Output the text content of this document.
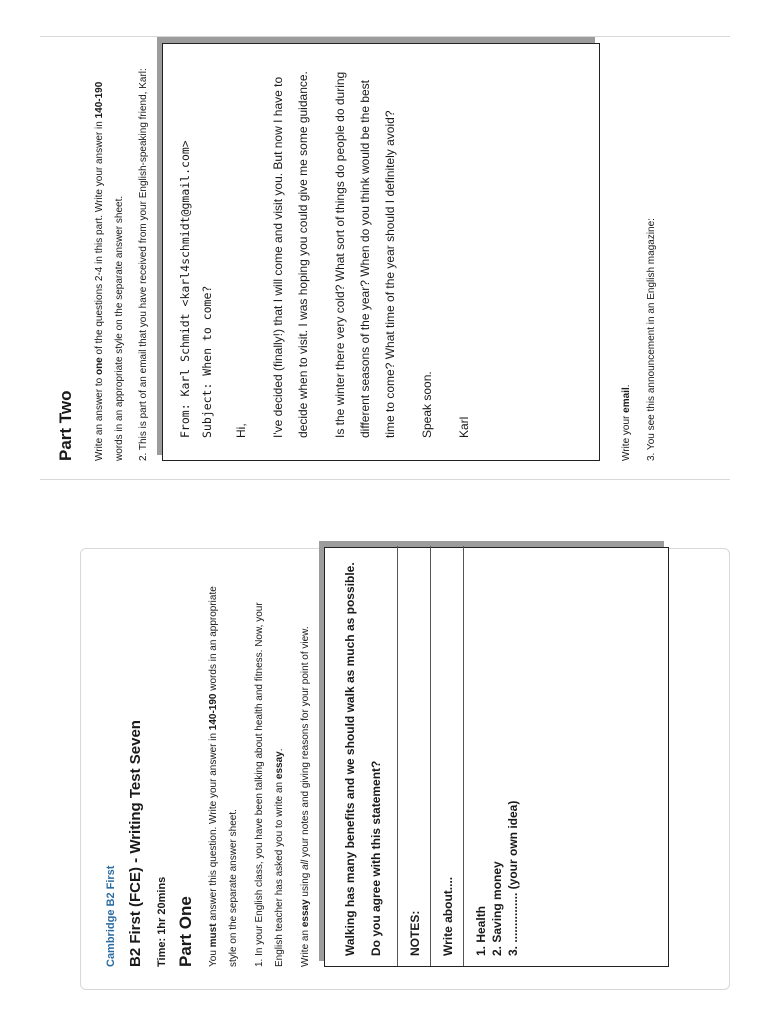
Cambridge B2 First B2 First (FCE) - Writing Test Seven Time: 1hr 20mins Part One	You must answer this question. Write your answer in 140-190 words in an appropriate style on the separate answer sheet.	1. In your English class, you have been talking about health and fitness. Now, your English teacher has asked you to write an essay.

Write an essay using all your notes and giving reasons for your point of view.	Walking has many benefits and we should walk as much as possible. Do you agree with this statement?	NOTES: Write about.... 1. Health 2. Saving money 3. ............... (your own idea)

Part Two	Write an answer to one of the questions 2-4 in this part. Write your answer in 140-190 words in an appropriate style on the separate answer sheet.	2. This is part of an email that you have received from your English-speaking friend, Karl:	From: Karl Schmidt <karl4schmidt@gmail.com> Subject: When to come?	Hi,	I've decided (finally!) that I will come and visit you. But now I have to decide when to visit. I was hoping you could give me some guidance.	Is the winter there very cold? What sort of things do people do during different seasons of the year? When do you think would be the best time to come? What time of the year should I definitely avoid?	Speak soon.	Karl	Write your email.	3. You see this announcement in an English magazine:
